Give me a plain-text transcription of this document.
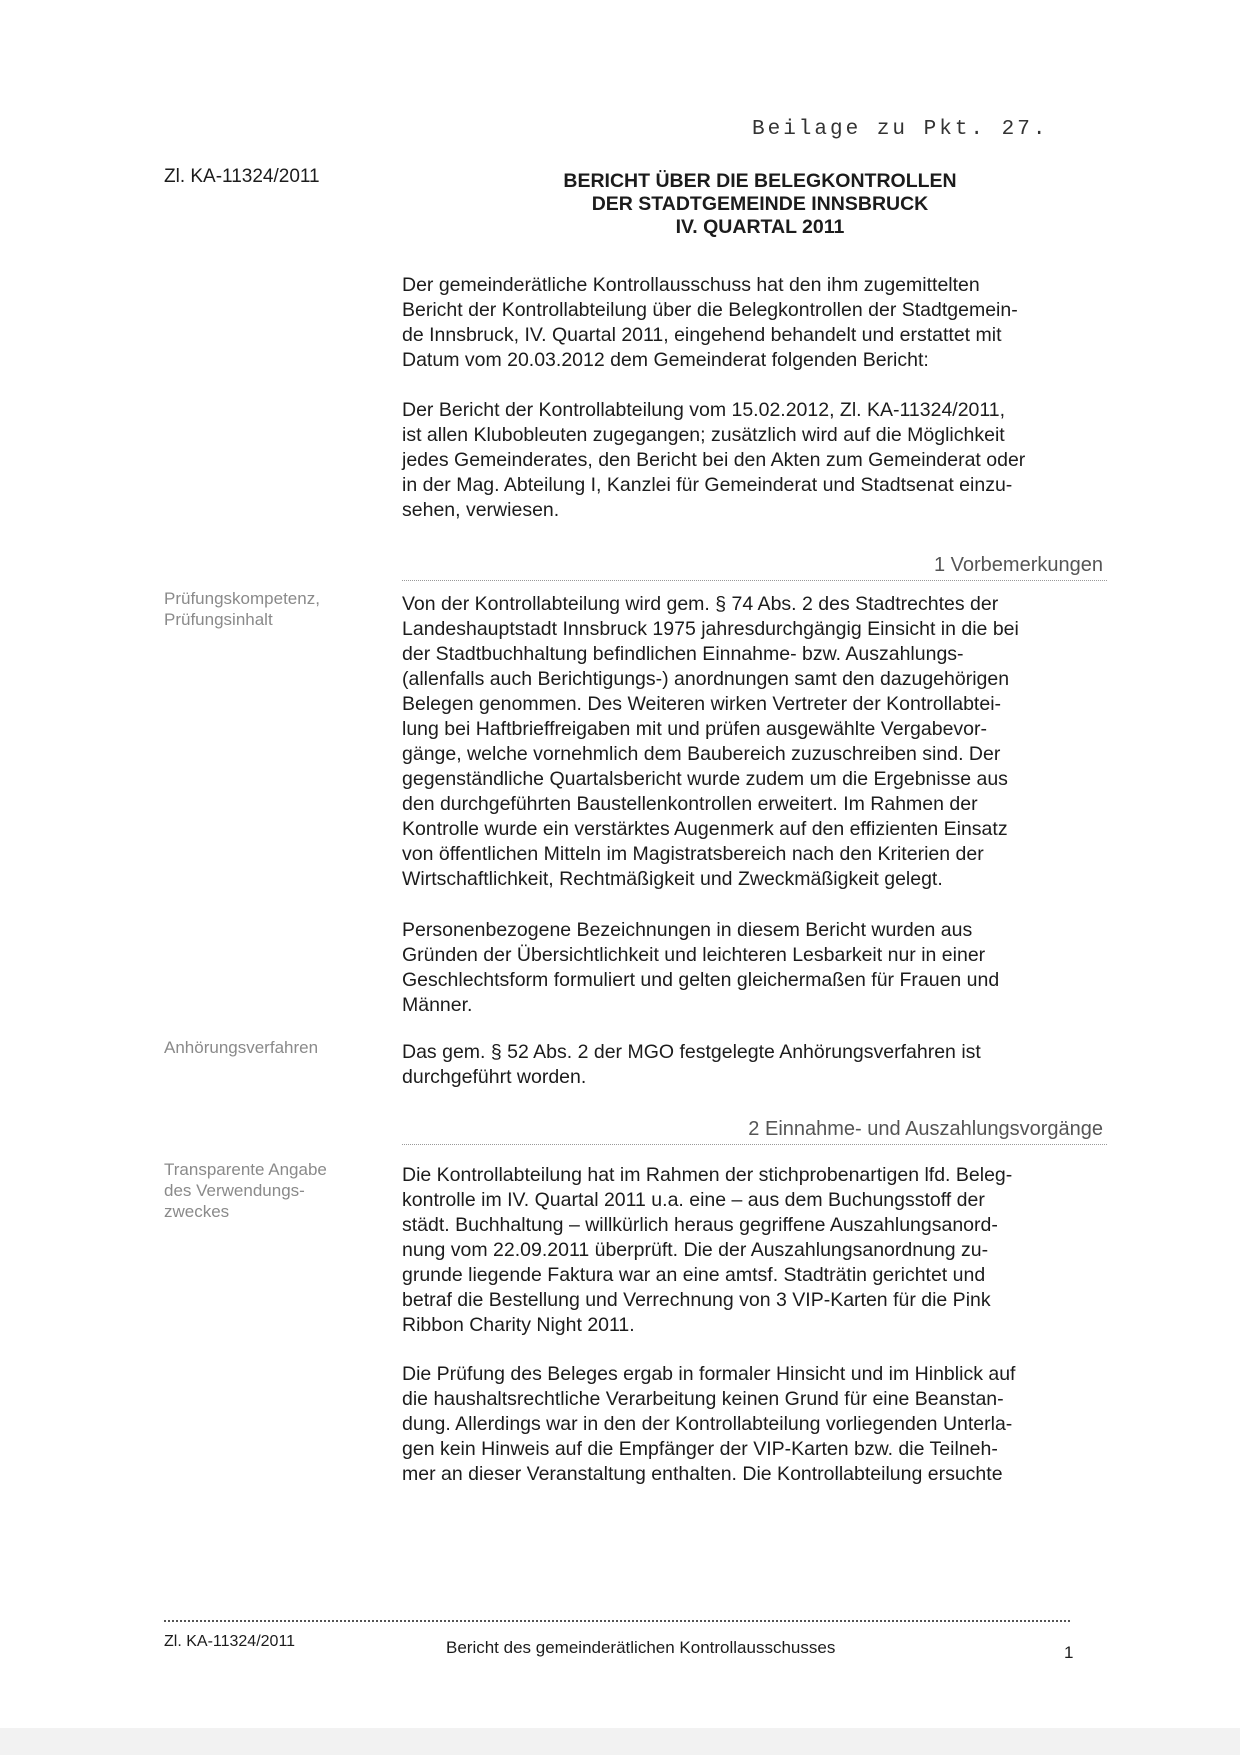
Beilage zu Pkt. 27.
Zl. KA-11324/2011	BERICHT ÜBER DIE BELEGKONTROLLEN
DER STADTGEMEINDE INNSBRUCK
IV. QUARTAL 2011
Der gemeinderätliche Kontrollausschuss hat den ihm zugemittelten
Bericht der Kontrollabteilung über die Belegkontrollen der Stadtgemein-
de Innsbruck, IV. Quartal 2011, eingehend behandelt und erstattet mit
Datum vom 20.03.2012 dem Gemeinderat folgenden Bericht:
Der Bericht der Kontrollabteilung vom 15.02.2012, Zl. KA-11324/2011,
ist allen Klubobleuten zugegangen; zusätzlich wird auf die Möglichkeit
jedes Gemeinderates, den Bericht bei den Akten zum Gemeinderat oder
in der Mag. Abteilung I, Kanzlei für Gemeinderat und Stadtsenat einzu-
sehen, verwiesen.
1 Vorbemerkungen
Prüfungskompetenz,
Prüfungsinhalt
Von der Kontrollabteilung wird gem. § 74 Abs. 2 des Stadtrechtes der
Landeshauptstadt Innsbruck 1975 jahresdurchgängig Einsicht in die bei
der Stadtbuchhaltung befindlichen Einnahme- bzw. Auszahlungs-
(allenfalls auch Berichtigungs-) anordnungen samt den dazugehörigen
Belegen genommen. Des Weiteren wirken Vertreter der Kontrollabtei-
lung bei Haftbrieffreigaben mit und prüfen ausgewählte Vergabevor-
gänge, welche vornehmlich dem Baubereich zuzuschreiben sind. Der
gegenständliche Quartalsbericht wurde zudem um die Ergebnisse aus
den durchgeführten Baustellenkontrollen erweitert. Im Rahmen der
Kontrolle wurde ein verstärktes Augenmerk auf den effizienten Einsatz
von öffentlichen Mitteln im Magistratsbereich nach den Kriterien der
Wirtschaftlichkeit, Rechtmäßigkeit und Zweckmäßigkeit gelegt.
Personenbezogene Bezeichnungen in diesem Bericht wurden aus
Gründen der Übersichtlichkeit und leichteren Lesbarkeit nur in einer
Geschlechtsform formuliert und gelten gleichermaßen für Frauen und
Männer.
Anhörungsverfahren	Das gem. § 52 Abs. 2 der MGO festgelegte Anhörungsverfahren ist
durchgeführt worden.
2 Einnahme- und Auszahlungsvorgänge
Transparente Angabe
des Verwendungs-
zweckes
Die Kontrollabteilung hat im Rahmen der stichprobenartigen lfd. Beleg-
kontrolle im IV. Quartal 2011 u.a. eine – aus dem Buchungsstoff der
städt. Buchhaltung – willkürlich heraus gegriffene Auszahlungsanord-
nung vom 22.09.2011 überprüft. Die der Auszahlungsanordnung zu-
grunde liegende Faktura war an eine amtsf. Stadträtin gerichtet und
betraf die Bestellung und Verrechnung von 3 VIP-Karten für die Pink
Ribbon Charity Night 2011.
Die Prüfung des Beleges ergab in formaler Hinsicht und im Hinblick auf
die haushaltsrechtliche Verarbeitung keinen Grund für eine Beanstan-
dung. Allerdings war in den der Kontrollabteilung vorliegenden Unterla-
gen kein Hinweis auf die Empfänger der VIP-Karten bzw. die Teilneh-
mer an dieser Veranstaltung enthalten. Die Kontrollabteilung ersuchte
Zl. KA-11324/2011	Bericht des gemeinderätlichen Kontrollausschusses	1
